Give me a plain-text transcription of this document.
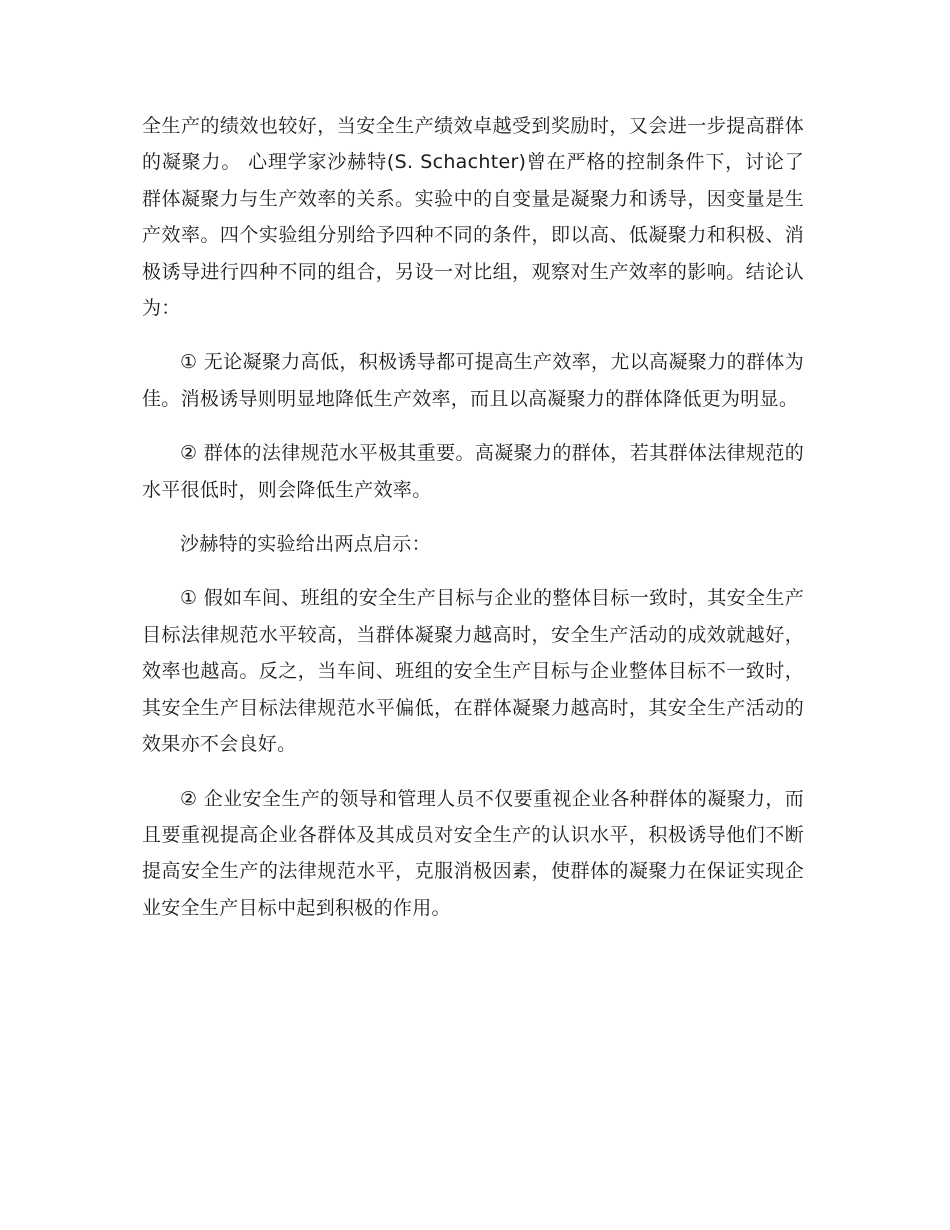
全生产的绩效也较好，当安全生产绩效卓越受到奖励时，又会进一步提高群体的凝聚力。 心理学家沙赫特(S. Schachter)曾在严格的控制条件下，讨论了群体凝聚力与生产效率的关系。实验中的自变量是凝聚力和诱导，因变量是生产效率。四个实验组分别给予四种不同的条件，即以高、低凝聚力和积极、消极诱导进行四种不同的组合，另设一对比组，观察对生产效率的影响。结论认为：

① 无论凝聚力高低，积极诱导都可提高生产效率，尤以高凝聚力的群体为佳。消极诱导则明显地降低生产效率，而且以高凝聚力的群体降低更为明显。

② 群体的法律规范水平极其重要。高凝聚力的群体，若其群体法律规范的水平很低时，则会降低生产效率。

沙赫特的实验给出两点启示：

① 假如车间、班组的安全生产目标与企业的整体目标一致时，其安全生产目标法律规范水平较高，当群体凝聚力越高时，安全生产活动的成效就越好，效率也越高。反之，当车间、班组的安全生产目标与企业整体目标不一致时，其安全生产目标法律规范水平偏低，在群体凝聚力越高时，其安全生产活动的效果亦不会良好。

② 企业安全生产的领导和管理人员不仅要重视企业各种群体的凝聚力，而且要重视提高企业各群体及其成员对安全生产的认识水平，积极诱导他们不断提高安全生产的法律规范水平，克服消极因素，使群体的凝聚力在保证实现企业安全生产目标中起到积极的作用。
